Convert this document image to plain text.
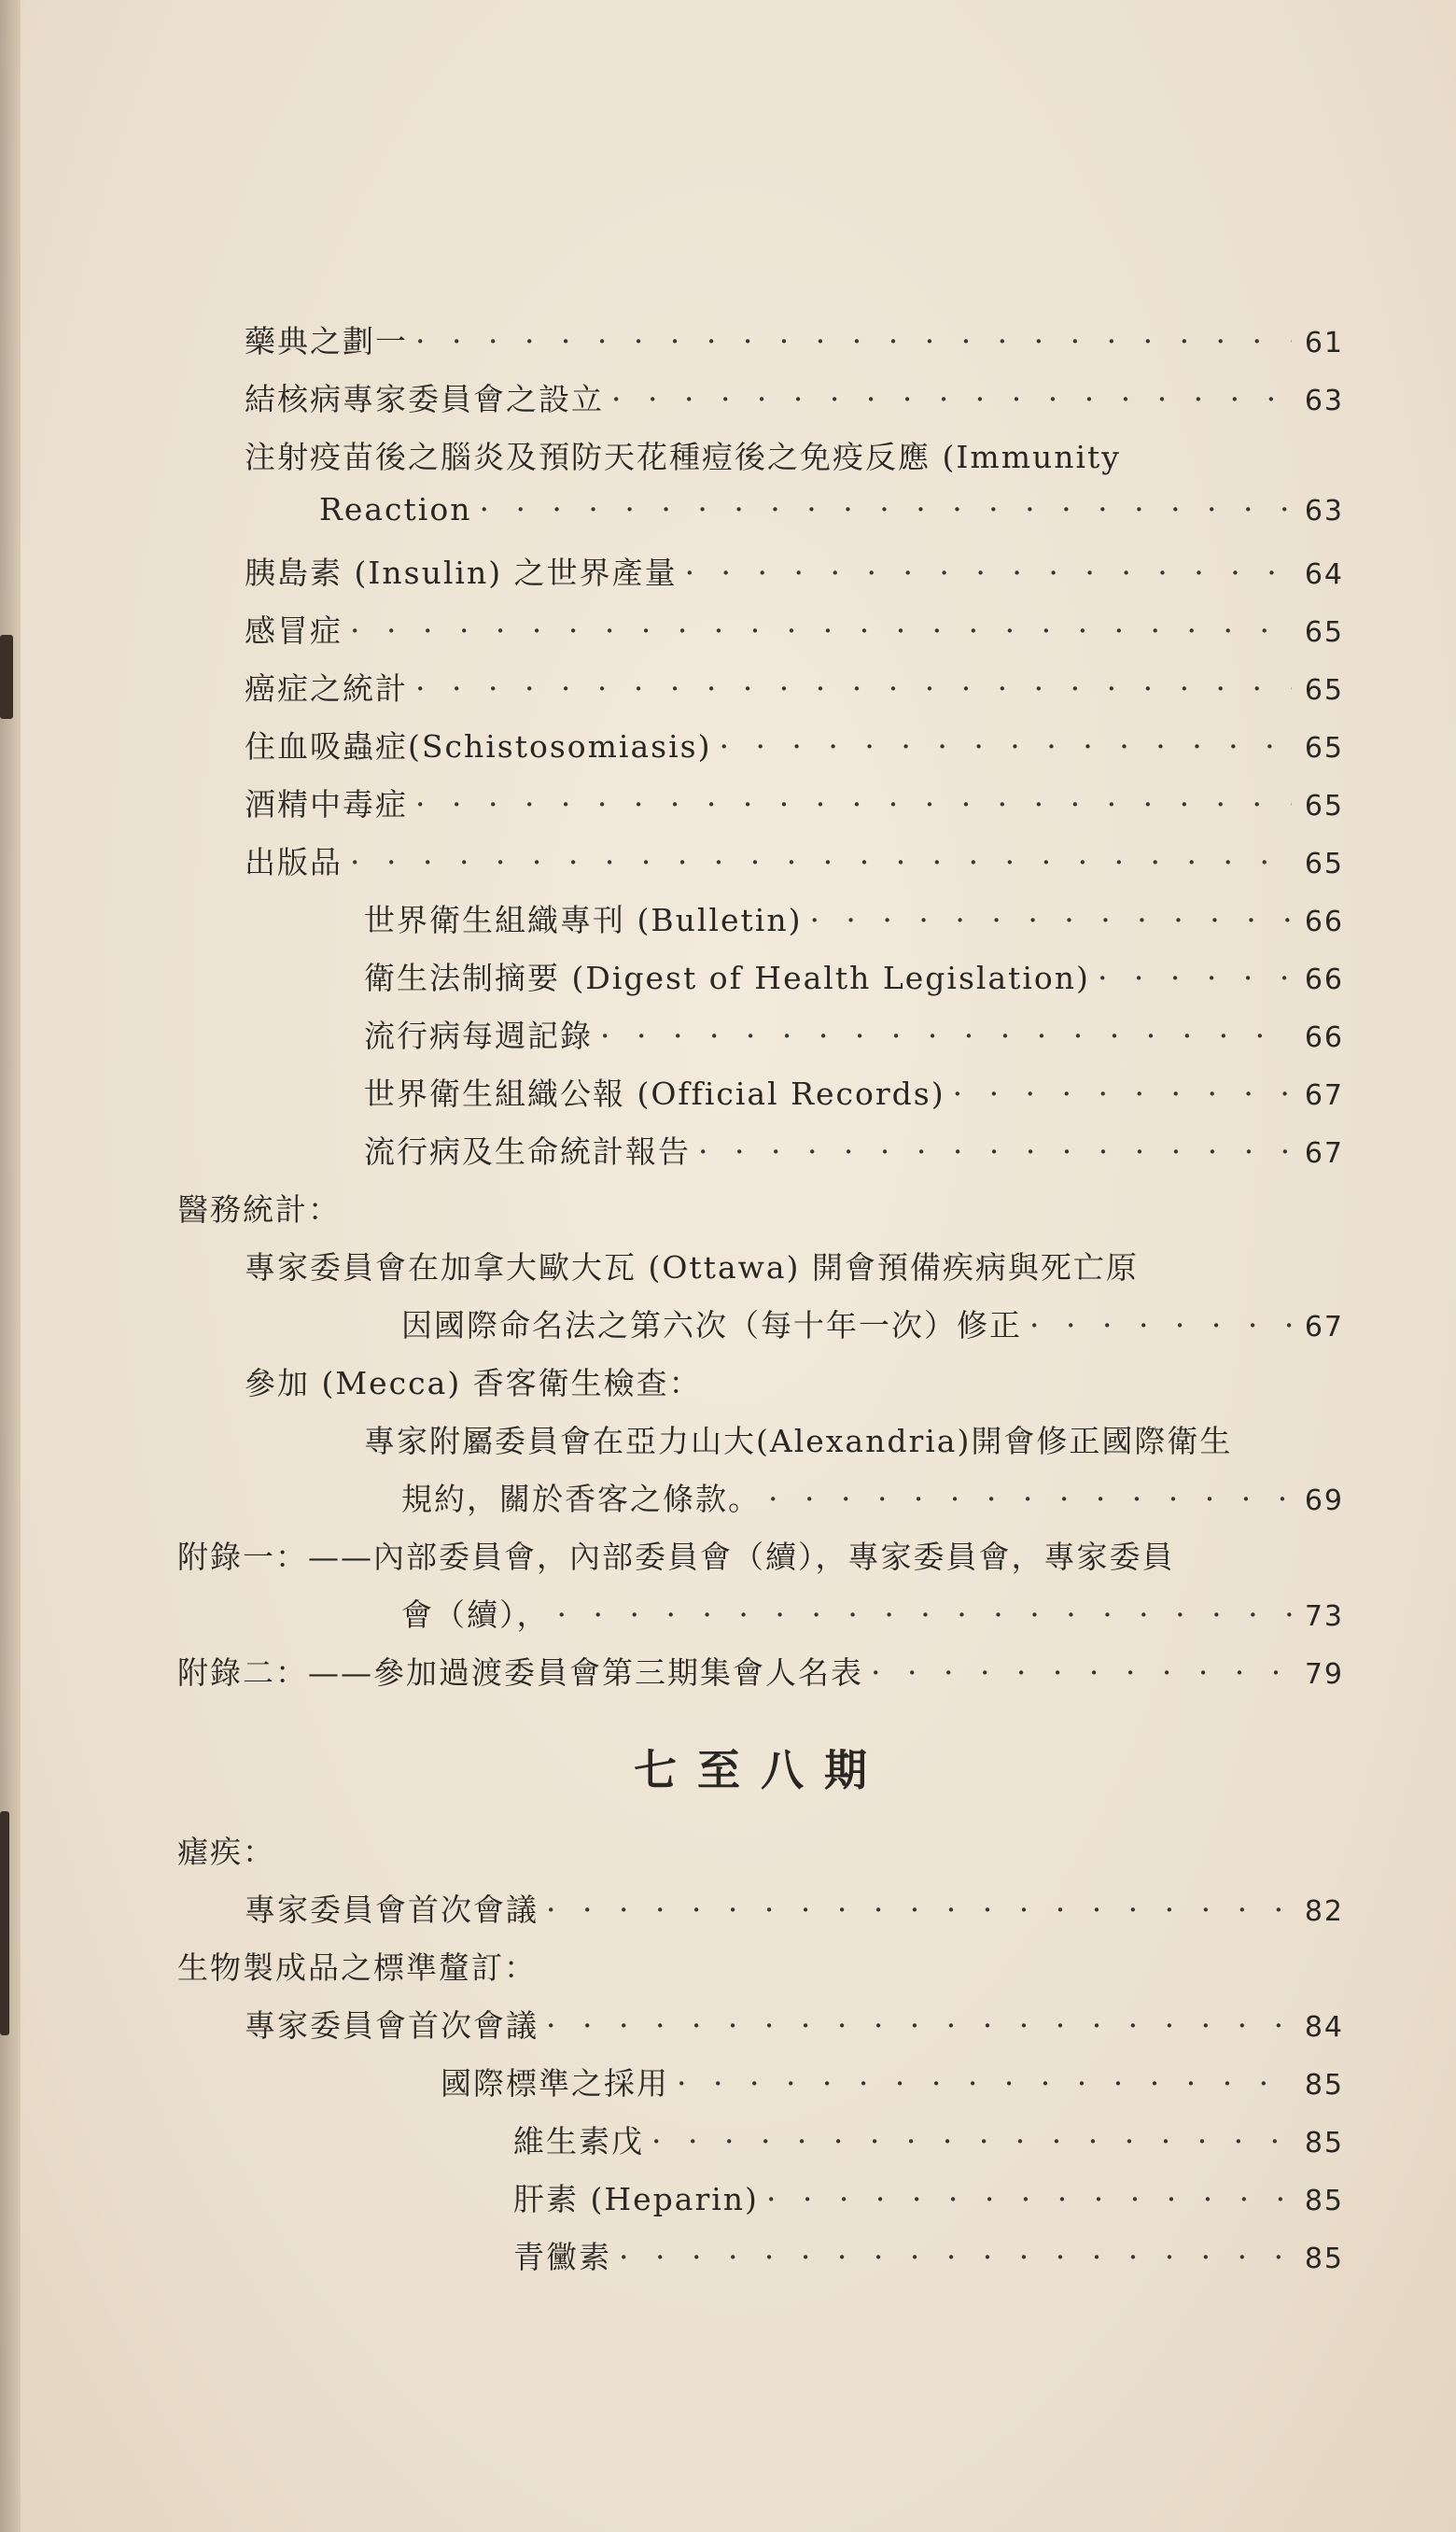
藥典之劃一 · · ·	61
結核病專家委員會之設立 · · ·	63
注射疫苗後之腦炎及預防天花種痘後之免疫反應 (Immunity
Reaction · · ·	63
胰島素 (Insulin) 之世界產量 · · ·	64
感冒症 · · ·	65
癌症之統計 · · ·	65
住血吸蟲症(Schistosomiasis) · · ·	65
酒精中毒症 · · ·	65
出版品 · · ·	65
世界衛生組織專刊 (Bulletin) · · ·	66
衛生法制摘要 (Digest of Health Legislation) · · ·	66
流行病每週記錄 · · ·	66
世界衛生組織公報 (Official Records) · · ·	67
流行病及生命統計報告 · · ·	67
醫務統計：
專家委員會在加拿大歐大瓦 (Ottawa) 開會預備疾病與死亡原
因國際命名法之第六次（每十年一次）修正 · · ·	67
參加 (Mecca) 香客衛生檢查：
專家附屬委員會在亞力山大(Alexandria)開會修正國際衛生
規約，關於香客之條款。 · · ·	69
附錄一：——內部委員會，內部委員會（續），專家委員會，專家委員
會（續）， · · ·	73
附錄二：——參加過渡委員會第三期集會人名表 · · ·	79
七至八期
瘧疾：
專家委員會首次會議 · · ·	82
生物製成品之標準釐訂：
專家委員會首次會議 · · ·	84
國際標準之採用 · · ·	85
維生素戊 · · ·	85
肝素 (Heparin) · · ·	85
青黴素 · · ·	85
